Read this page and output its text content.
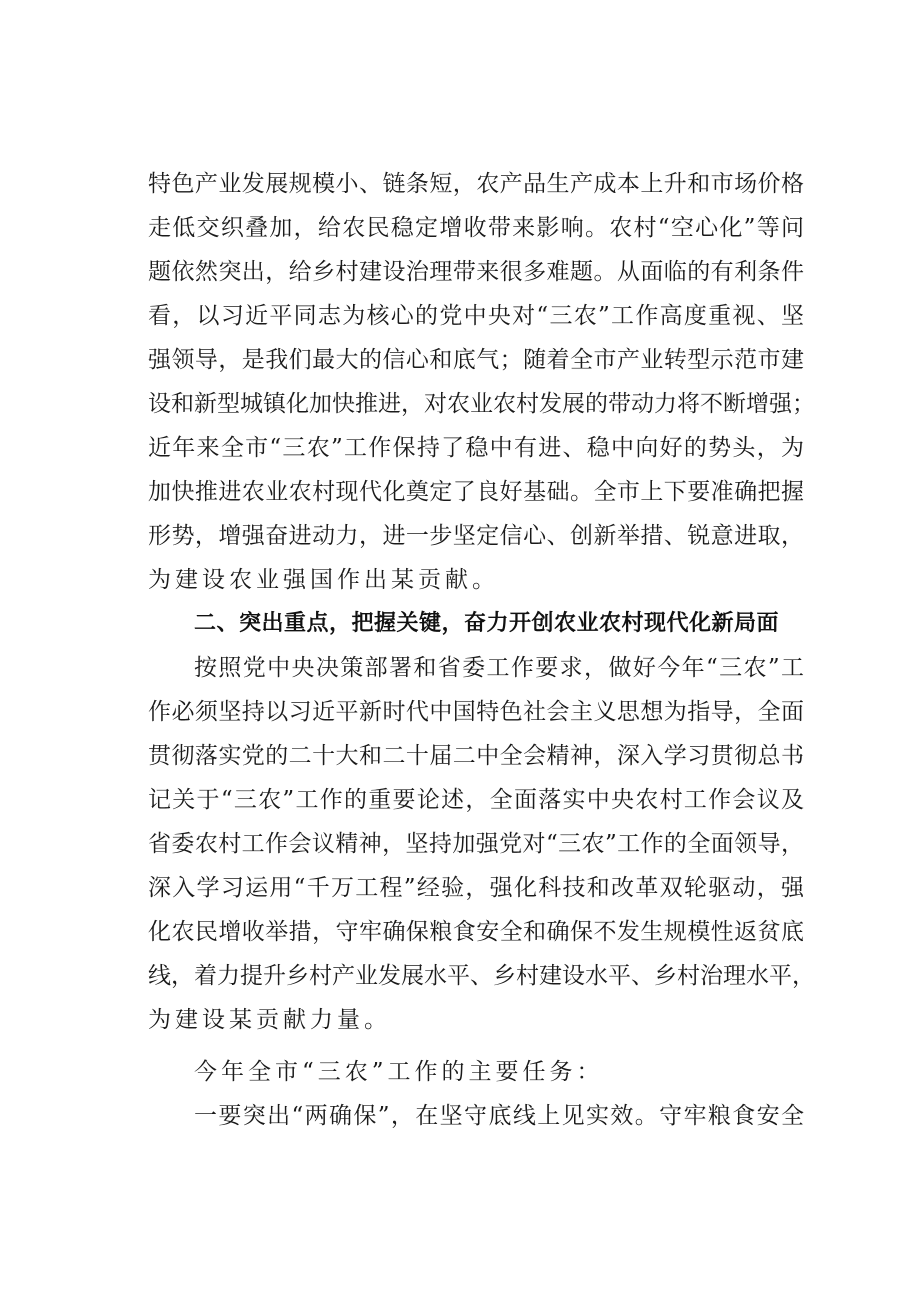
特色产业发展规模小、链条短，农产品生产成本上升和市场价格
走低交织叠加，给农民稳定增收带来影响。农村“空心化”等问
题依然突出，给乡村建设治理带来很多难题。从面临的有利条件
看，以习近平同志为核心的党中央对“三农”工作高度重视、坚
强领导，是我们最大的信心和底气；随着全市产业转型示范市建
设和新型城镇化加快推进，对农业农村发展的带动力将不断增强；
近年来全市“三农”工作保持了稳中有进、稳中向好的势头，为
加快推进农业农村现代化奠定了良好基础。全市上下要准确把握
形势，增强奋进动力，进一步坚定信心、创新举措、锐意进取，
为建设农业强国作出某贡献。
二、突出重点，把握关键，奋力开创农业农村现代化新局面
按照党中央决策部署和省委工作要求，做好今年“三农”工
作必须坚持以习近平新时代中国特色社会主义思想为指导，全面
贯彻落实党的二十大和二十届二中全会精神，深入学习贯彻总书
记关于“三农”工作的重要论述，全面落实中央农村工作会议及
省委农村工作会议精神，坚持加强党对“三农”工作的全面领导，
深入学习运用“千万工程”经验，强化科技和改革双轮驱动，强
化农民增收举措，守牢确保粮食安全和确保不发生规模性返贫底
线，着力提升乡村产业发展水平、乡村建设水平、乡村治理水平，
为建设某贡献力量。
今年全市“三农”工作的主要任务：
一要突出“两确保”，在坚守底线上见实效。守牢粮食安全
